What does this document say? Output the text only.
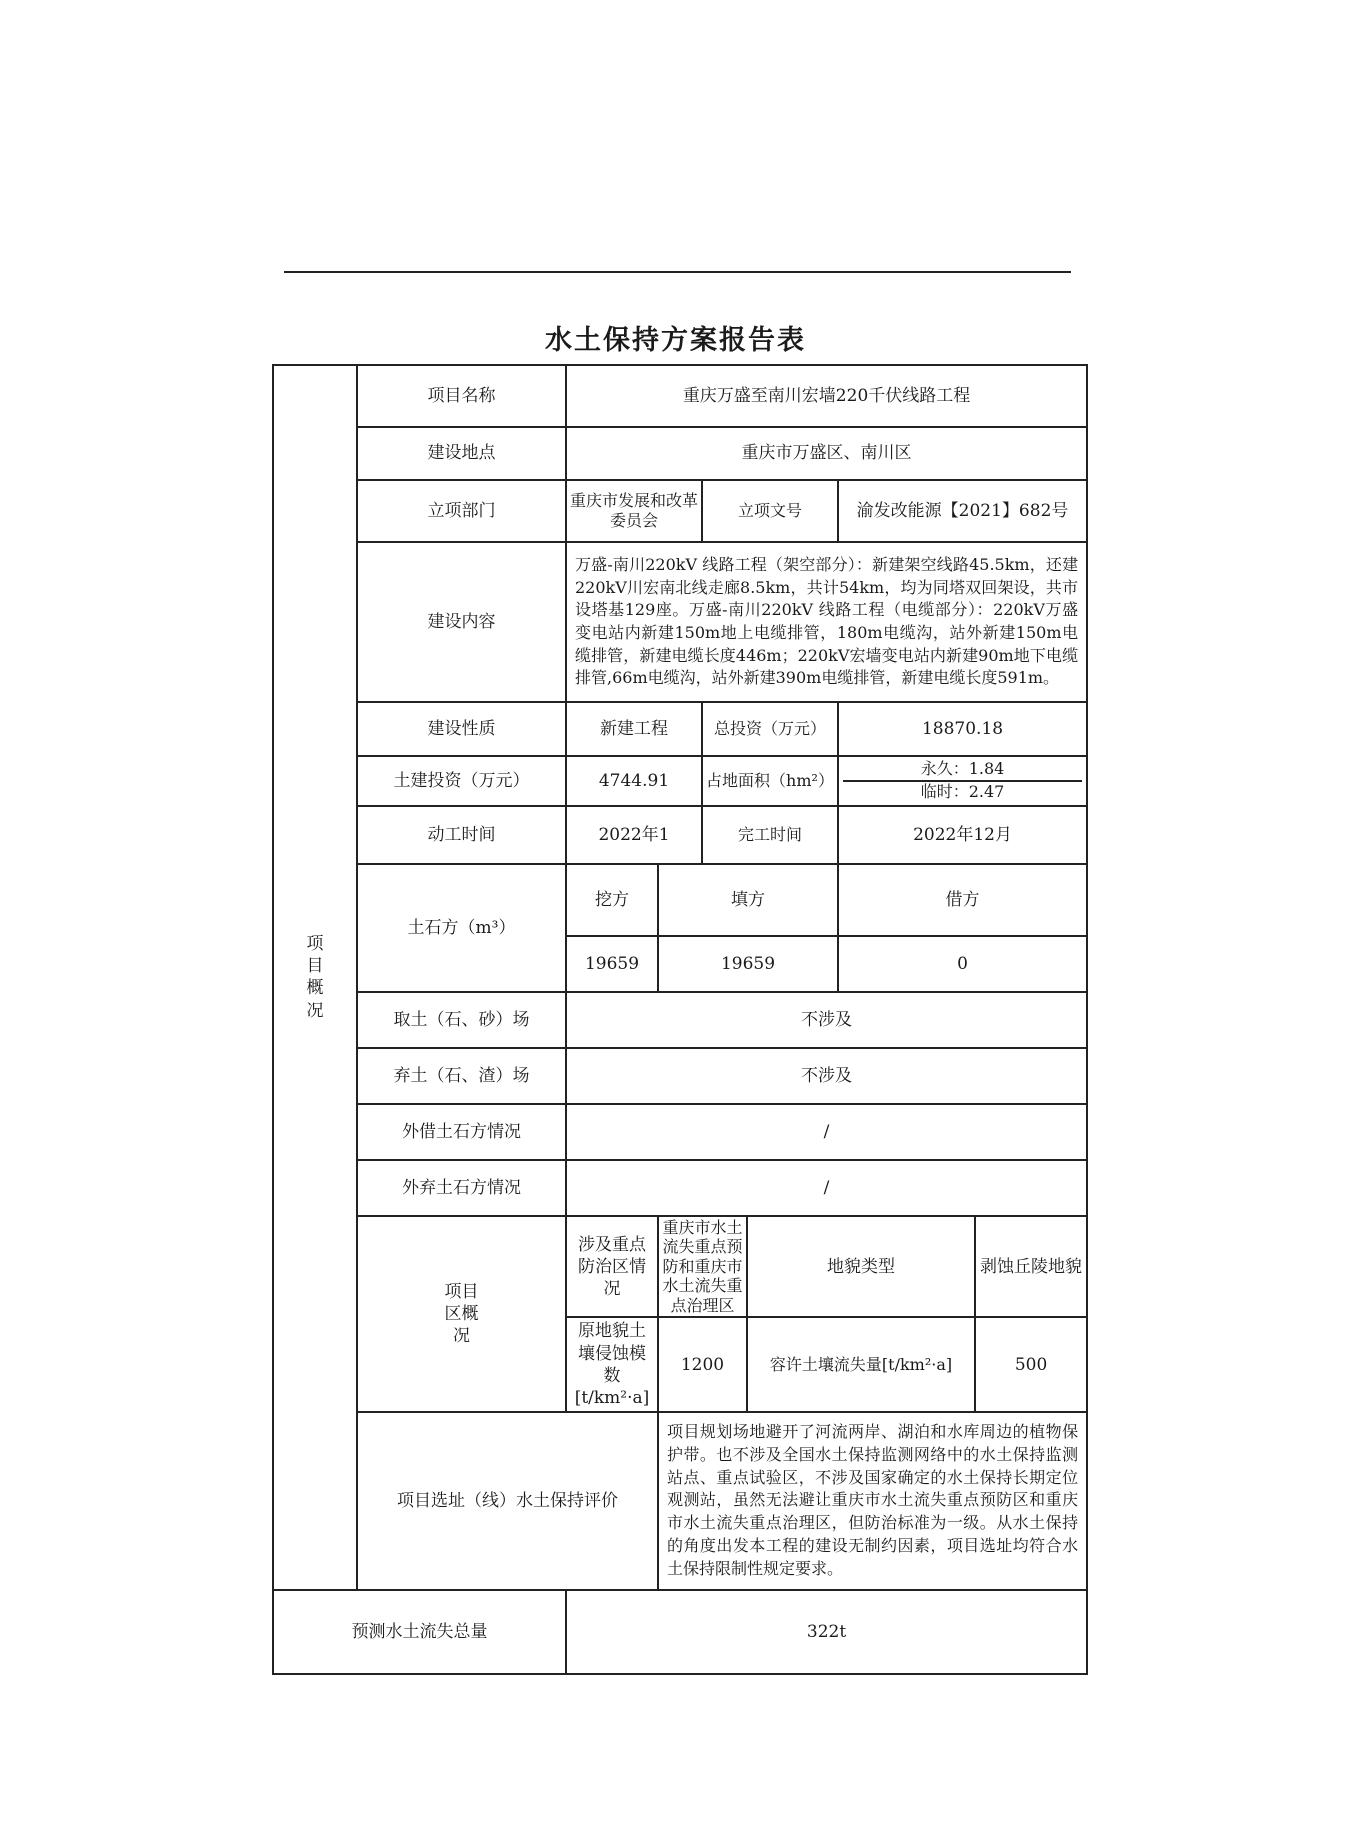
水土保持方案报告表
项目概况	项目名称	重庆万盛至南川宏墙220千伏线路工程						
	建设地点	重庆市万盛区、南川区						
	立项部门	重庆市发展和改革委员会		立项文号		渝发改能源【2021】682号		
	建设内容	万盛-南川220kV 线路工程（架空部分）：新建架空线路45.5km，还建220kV川宏南北线走廊8.5km，共计54km，均为同塔双回架设，共市设塔基129座。万盛-南川220kV 线路工程（电缆部分）：220kV万盛变电站内新建150m地上电缆排管，180m电缆沟，站外新建150m电缆排管，新建电缆长度446m；220kV宏墙变电站内新建90m地下电缆排管,66m电缆沟，站外新建390m电缆排管，新建电缆长度591m。						
	建设性质	新建工程		总投资（万元）		18870.18		
	土建投资（万元）	4744.91		占地面积（hm²）		永久：1.84
临时：2.47		

	动工时间	2022年1		完工时间		2022年12月		
	土石方（m³）	挖方	填方			借方	
		19659	19659			0	
	取土（石、砂）场	不涉及						
	弃土（石、渣）场	不涉及						
	外借土石方情况	/						
	外弃土石方情况	/						
	项目区概况	涉及重点防治区情况	重庆市水土流失重点预防和重庆市水土流失重点治理区		地貌类型		剥蚀丘陵地貌	
		原地貌土壤侵蚀模数[t/km²·a]	1200		容许土壤流失量[t/km²·a]		500	
	项目选址（线）水土保持评价		项目规划场地避开了河流两岸、湖泊和水库周边的植物保护带。也不涉及全国水土保持监测网络中的水土保持监测站点、重点试验区，不涉及国家确定的水土保持长期定位观测站，虽然无法避让重庆市水土流失重点预防区和重庆市水土流失重点治理区，但防治标准为一级。从水土保持的角度出发本工程的建设无制约因素，项目选址均符合水土保持限制性规定要求。					
预测水土流失总量		322t						
